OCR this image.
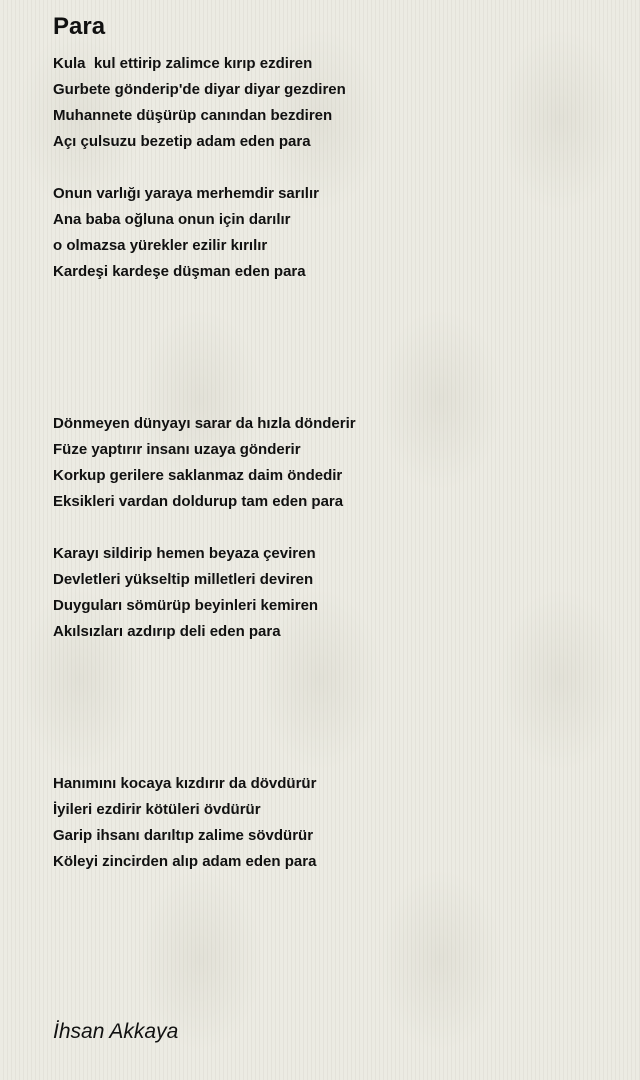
Para
Kula  kul ettirip zalimce kırıp ezdiren
Gurbete gönderip'de diyar diyar gezdiren
Muhannete düşürüp canından bezdiren
Açı çulsuzu bezetip adam eden para
Onun varlığı yaraya merhemdir sarılır
Ana baba oğluna onun için darılır
o olmazsa yürekler ezilir kırılır
Kardeşi kardeşe düşman eden para
Dönmeyen dünyayı sarar da hızla dönderir
Füze yaptırır insanı uzaya gönderir
Korkup gerilere saklanmaz daim öndedir
Eksikleri vardan doldurup tam eden para
Karayı sildirip hemen beyaza çeviren
Devletleri yükseltip milletleri deviren
Duyguları sömürüp beyinleri kemiren
Akılsızları azdırıp deli eden para
Hanımını kocaya kızdırır da dövdürür
İyileri ezdirir kötüleri övdürür
Garip ihsanı darıltıp zalime sövdürür
Köleyi zincirden alıp adam eden para

İhsan Akkaya
